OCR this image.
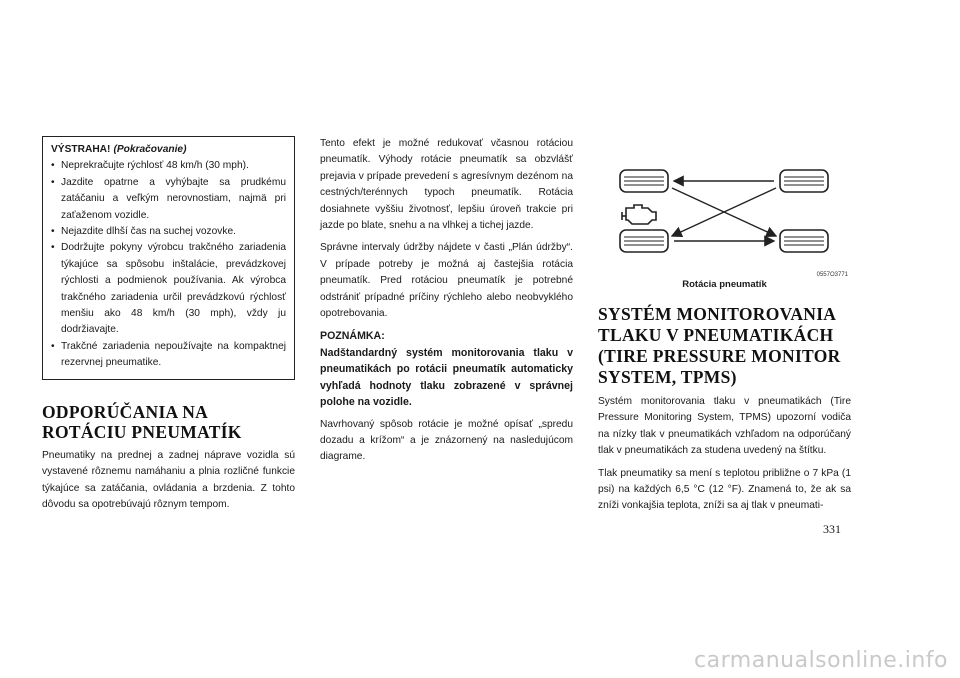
VÝSTRAHA! (Pokračovanie)
• Neprekračujte rýchlosť 48 km/h (30 mph).
• Jazdite opatrne a vyhýbajte sa prudkému zatáčaniu a veľkým nerovnostiam, najmä pri zaťaženom vozidle.
• Nejazdite dlhší čas na suchej vozovke.
• Dodržujte pokyny výrobcu trakčného zariadenia týkajúce sa spôsobu inštalácie, prevádzkovej rýchlosti a podmienok používania. Ak výrobca trakčného zariadenia určil prevádzkovú rýchlosť menšiu ako 48 km/h (30 mph), vždy ju dodržiavajte.
• Trakčné zariadenia nepoužívajte na kompaktnej rezervnej pneumatike.
ODPORÚČANIA NA ROTÁCIU PNEUMATÍK

Pneumatiky na prednej a zadnej náprave vozidla sú vystavené rôznemu namáhaniu a plnia rozličné funkcie týkajúce sa zatáčania, ovládania a brzdenia. Z tohto dôvodu sa opotrebúvajú rôznym tempom.

Tento efekt je možné redukovať včasnou rotáciou pneumatík. Výhody rotácie pneumatík sa obzvlášť prejavia v prípade prevedení s agresívnym dezénom na cestných/terénnych typoch pneumatík. Rotácia dosiahnete vyššiu životnosť, lepšiu úroveň trakcie pri jazde po blate, snehu a na vlhkej a tichej jazde.

Správne intervaly údržby nájdete v časti „Plán údržby“. V prípade potreby je možná aj častejšia rotácia pneumatík. Pred rotáciou pneumatík je potrebné odstrániť prípadné príčiny rýchleho alebo neobvyklého opotrebovania.

POZNÁMKA:

Nadštandardný systém monitorovania tlaku v pneumatikách po rotácii pneumatík automaticky vyhľadá hodnoty tlaku zobrazené v správnej polohe na vozidle.

Navrhovaný spôsob rotácie je možné opísať „spredu dozadu a krížom“ a je znázornený na nasledujúcom diagrame.

0557O3771
Rotácia pneumatík
SYSTÉM MONITOROVANIA TLAKU V PNEUMATIKÁCH (TIRE PRESSURE MONITOR SYSTEM, TPMS)

Systém monitorovania tlaku v pneumatikách (Tire Pressure Monitoring System, TPMS) upozorní vodiča na nízky tlak v pneumatikách vzhľadom na odporúčaný tlak v pneumatikách za studena uvedený na štítku.

Tlak pneumatiky sa mení s teplotou približne o 7 kPa (1 psi) na každých 6,5 °C (12 °F). Znamená to, že ak sa zníži vonkajšia teplota, zníži sa aj tlak v pneumati-

331
carmanualsonline.info
